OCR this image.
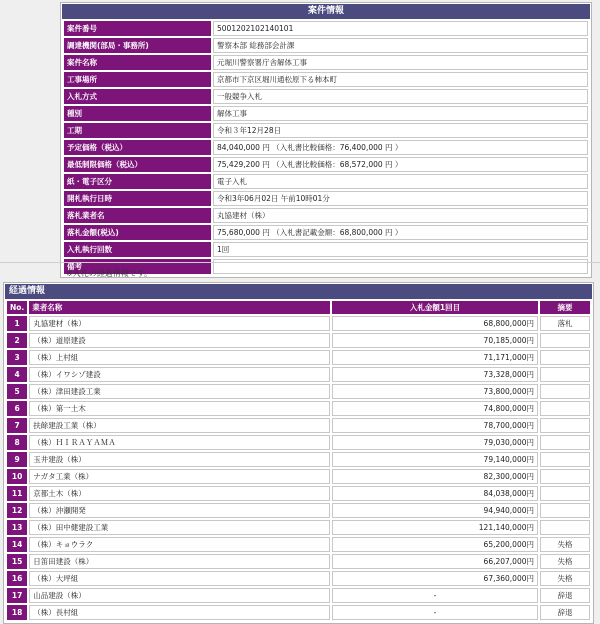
案件情報
案件番号	5001202102140101
調達機関(部局・事務所)	警察本部 総務部会計課
案件名称	元堀川警察署庁舎解体工事
工事場所	京都市下京区堀川通松原下る柿本町
入札方式	一般競争入札
種別	解体工事
工期	令和３年12月28日
予定価格（税込）	84,040,000 円 （入札書比較価格：76,400,000 円 ）
最低制限価格（税込）	75,429,200 円 （入札書比較価格：68,572,000 円 ）
紙・電子区分	電子入札
開札執行日時	令和3年06月02日 午前10時01分
落札業者名	丸協建材（株）
落札金額(税込)	75,680,000 円 （入札書記載金額：68,800,000 円 ）
入札執行回数	1回
備考	
※入札の経過情報です。
経過情報
No.	業者名称	入札金額1回目	摘要
1	丸協建材（株）	68,800,000円	落札
2	（株）道原建設	70,185,000円	
3	（株）上村組	71,171,000円	
4	（株）イワシゾ建設	73,328,000円	
5	（株）津田建設工業	73,800,000円	
6	（株）第一土木	74,800,000円	
7	扶餘建設工業（株）	78,700,000円	
8	（株）ＨＩＲＡＹＡＭＡ	79,030,000円	
9	玉井建設（株）	79,140,000円	
10	ナガタ工業（株）	82,300,000円	
11	京都土木（株）	84,038,000円	
12	（株）沖瀬開発	94,940,000円	
13	（株）田中健建設工業	121,140,000円	
14	（株）キョウラク	65,200,000円	失格
15	日笛田建設（株）	66,207,000円	失格
16	（株）大坪組	67,360,000円	失格
17	山品建設（株）	-	辞退
18	（株）長村組	-	辞退
